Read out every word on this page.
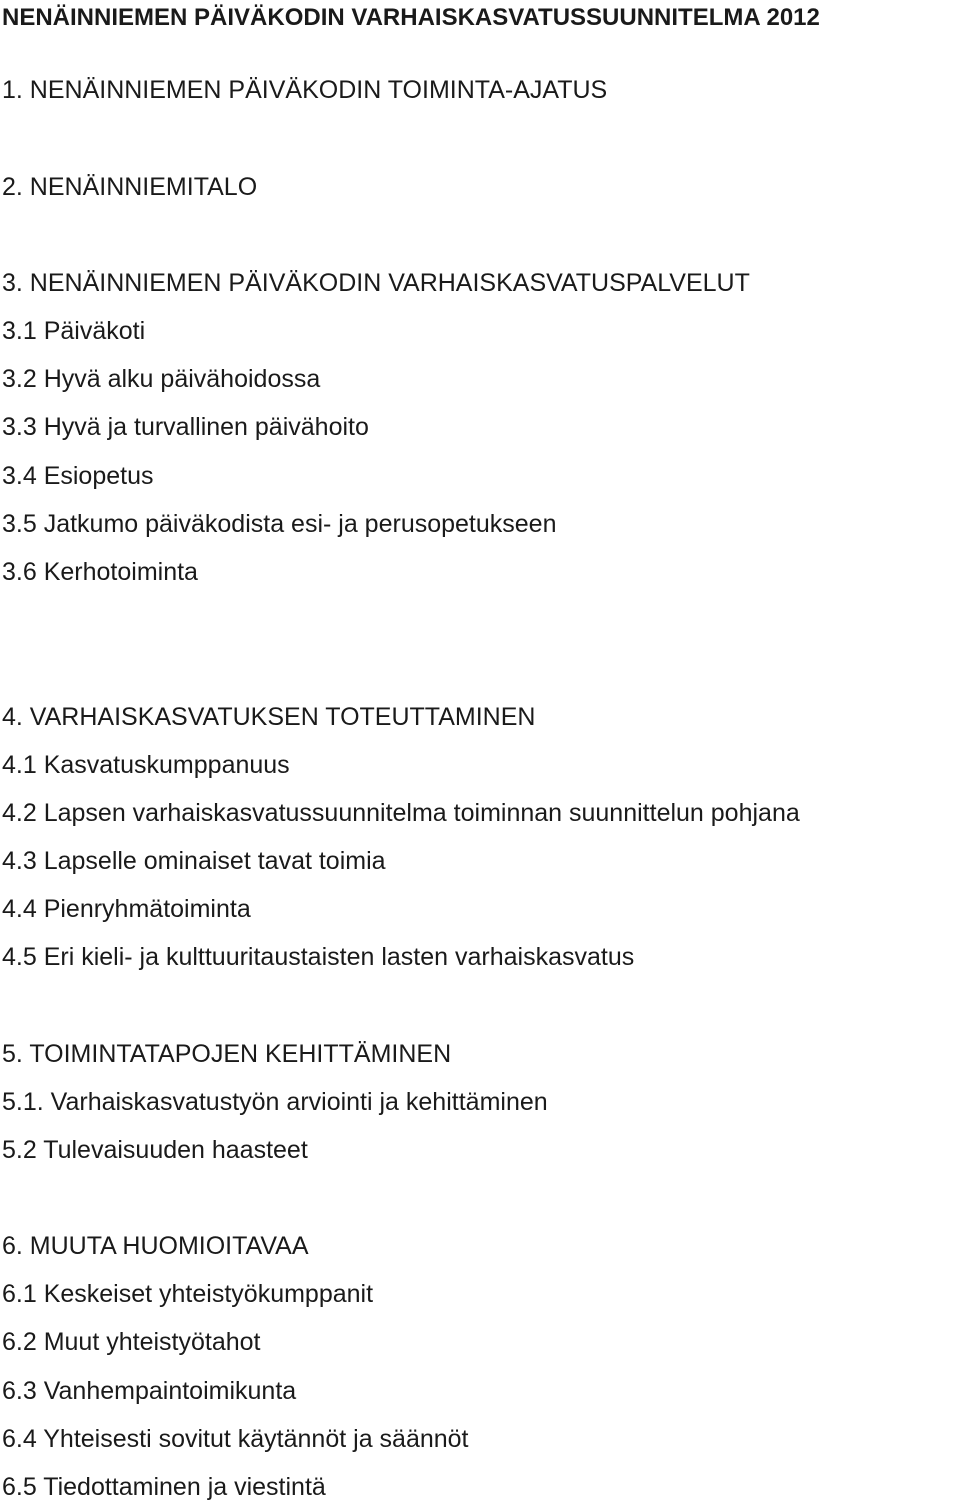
NENÄINNIEMEN PÄIVÄKODIN VARHAISKASVATUSSUUNNITELMA 2012
1. NENÄINNIEMEN PÄIVÄKODIN TOIMINTA-AJATUS
2. NENÄINNIEMITALO
3. NENÄINNIEMEN PÄIVÄKODIN VARHAISKASVATUSPALVELUT
3.1 Päiväkoti
3.2 Hyvä alku päivähoidossa
3.3 Hyvä ja turvallinen päivähoito
3.4 Esiopetus
3.5 Jatkumo päiväkodista esi- ja perusopetukseen
3.6 Kerhotoiminta
4. VARHAISKASVATUKSEN TOTEUTTAMINEN
4.1 Kasvatuskumppanuus
4.2 Lapsen varhaiskasvatussuunnitelma toiminnan suunnittelun pohjana
4.3 Lapselle ominaiset tavat toimia
4.4 Pienryhmätoiminta
4.5 Eri kieli- ja kulttuuritaustaisten lasten varhaiskasvatus
5. TOIMINTATAPOJEN KEHITTÄMINEN
5.1. Varhaiskasvatustyön arviointi ja kehittäminen
5.2 Tulevaisuuden haasteet
6. MUUTA HUOMIOITAVAA
6.1 Keskeiset yhteistyökumppanit
6.2 Muut yhteistyötahot
6.3 Vanhempaintoimikunta
6.4 Yhteisesti sovitut käytännöt ja säännöt
6.5 Tiedottaminen ja viestintä
